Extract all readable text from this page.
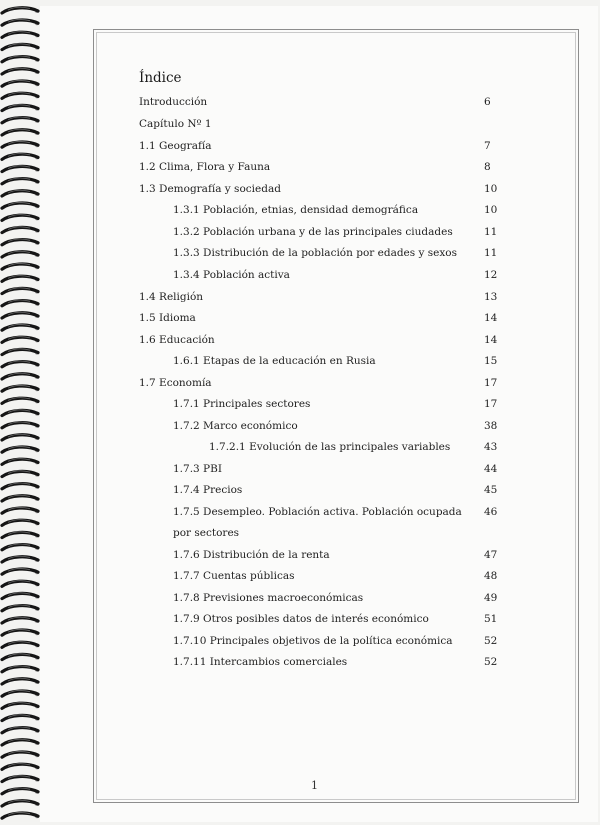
Índice
Introducción	6
Capítulo Nº 1
1.1 Geografía	7
1.2 Clima, Flora y Fauna	8
1.3 Demografía y sociedad	10
1.3.1 Población, etnias, densidad demográfica	10
1.3.2 Población urbana y de las principales ciudades	11
1.3.3 Distribución de la población por edades y sexos	11
1.3.4 Población activa	12
1.4 Religión	13
1.5 Idioma	14
1.6 Educación	14
1.6.1 Etapas de la educación en Rusia	15
1.7 Economía	17
1.7.1 Principales sectores	17
1.7.2 Marco económico	38
1.7.2.1 Evolución de las principales variables	43
1.7.3 PBI	44
1.7.4 Precios	45
1.7.5 Desempleo. Población activa. Población ocupada 46
por sectores
1.7.6 Distribución de la renta	47
1.7.7 Cuentas públicas	48
1.7.8 Previsiones macroeconómicas	49
1.7.9 Otros posibles datos de interés económico	51
1.7.10 Principales objetivos de la política económica	52
1.7.11 Intercambios comerciales	52
1
